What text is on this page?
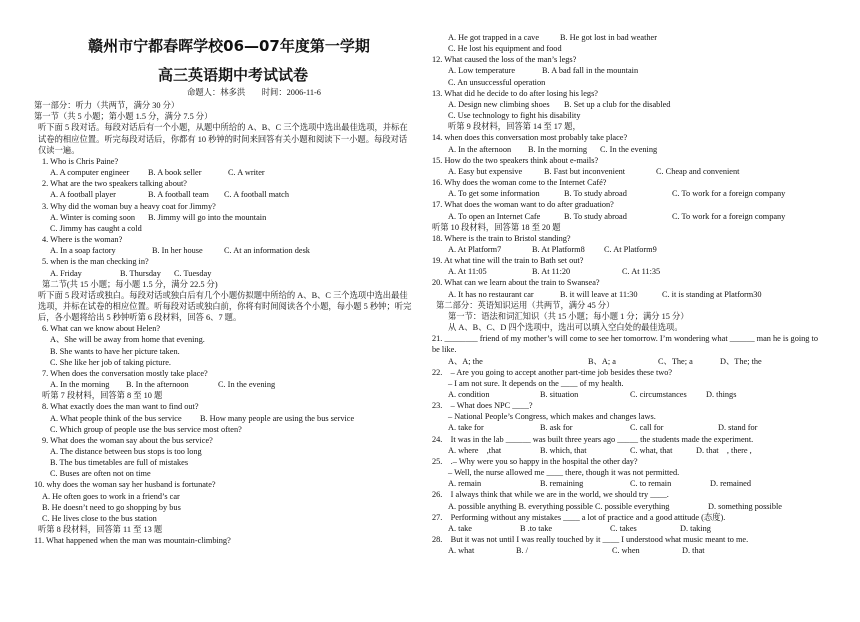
赣州市宁都春晖学校06—07年度第一学期
高三英语期中考试试卷
命题人：林多洪　　时间：2006-11-6
第一部分：听力（共两节，满分 30 分）
第一节（共 5 小题；第小题 1.5 分，满分 7.5 分）
听下面 5 段对话。每段对话后有一个小题，从题中所给的 A、B、C 三个选项中选出最佳选项，并标在试卷的相应位置。听完每段对话后，你都有 10 秒钟的时间来回答有关小题和阅读下一小题。每段对话仅读一遍。
1. Who is Chris Paine?
A. A computer engineer B. A book seller	C. A writer
2. What are the two speakers talking about?
A. A football player	B. A football team C. A football match
3. Why did the woman buy a heavy coat for Jimmy?
A. Winter is coming soon B. Jimmy will go into the mountain
C. Jimmy has caught a cold
4. Where is the woman?
A. In a soap factory	B. In her house	C. At an information desk
5. when is the man checking in?
A. Friday	B. Thursday C. Tuesday
第二节(共 15 小题；每小题 1.5 分，满分 22.5 分)
听下面 5 段对话或独白。每段对话或独白后有几个小题仿拟题中所给的 A、B、C 三个选项中选出最佳选项，并标在试卷的相应位置。听每段对话或独白前，你将有时间阅读各个小题，每小题 5 秒钟；听完后，各小题将给出 5 秒钟听第 6 段材料，回答 6、7 题。
6. What can we know about Helen?
A、She will be away from home that evening.
B. She wants to have her picture taken.
C. She like her job of taking picture.
7. When does the conversation mostly take place?
A. In the morning B. In the afternoon	C. In the evening
听第 7 段材料，回答第 8 至 10 题
8. What exactly does the man want to find out?
A. What people think of the bus service B. How many people are using the bus service
C. Which group of people use the bus service most often?
9. What does the woman say about the bus service?
A. The distance between bus stops is too long
B. The bus timetables are full of mistakes
C. Buses are often not on time
10. why does the woman say her husband is fortunate?
A. He often goes to work in a friend’s car
B. He doesn’t need to go shopping by bus
C. He lives close to the bus station
听第 8 段材料，回答第 11 至 13 题
11. What happened when the man was mountain-climbing?
A. He got trapped in a cave	B. He got lost in bad weather
C. He lost his equipment and food
12. What caused the loss of the man’s legs?
A. Low temperature	B. A bad fall in the mountain
C. An unsuccessful operation
13. What did he decide to do after losing his legs?
A. Design new climbing shoes B. Set up a club for the disabled
C. Use technology to fight his disability
听第 9 段材料，回答第 14 至 17 题，
14. when does this conversation most probably take place?
A. In the afternoon B. In the morning C. In the evening
15. How do the two speakers think about e-mails?
A. Easy but expensive	B. Fast but inconvenient	C. Cheap and convenient
16. Why does the woman come to the Internet Café?
A. To get some information	B. To study abroad	C. To work for a foreign company
17. What does the woman want to do after graduation?
A. To open an Internet Cafe	B. To study abroad	C. To work for a foreign company
听第 10 段材料，回答第 18 至 20 题
18. Where is the train to Bristol standing?
A. At Platform7	B. At Platform8 C. At Platform9
19. At what tine will the train to Bath set out?
A. At 11:05	B. At 11:20	C. At 11:35
20. What can we learn about the train to Swansea?
A. It has no restaurant car	B. it will leave at 11:30	C. it is standing at Platform30
第二部分：英语知识运用（共两节，满分 45 分）
第一节：语法和词汇知识（共 15 小题；每小题 1 分；满分 15 分）
从 A、B、C、D 四个选项中，选出可以填入空白处的最佳选项。
21. ________ friend of my mother’s will come to see her tomorrow. I’m wondering what ______ man he is going to be like.
A、A; the	B、A; a	C、The; a	D、The; the
22.　– Are you going to accept another part-time job besides these two?
– I am not sure. It depends on the ____ of my health.
A. condition	B. situation	C. circumstances D. things
23.　– What does NPC ____?
– National People’s Congress, which makes and changes laws.
A. take for	B. ask for	C. call for	D. stand for
24.　It was in the lab ______ was built three years ago _____ the students made the experiment.
A. where　,that	B. which, that	C. what, that	D. that　, there ,
25.　.– Why were you so happy in the hospital the other day?
– Well, the nurse allowed me ____ there, though it was not permitted.
A. remain	B. remaining	C. to remain	D. remained
26.　I always think that while we are in the world, we should try ____.
A. possible anything B. everything possible C. possible everything	D. something possible
27.　Performing without any mistakes ____ a lot of practice and a good attitude (态度).
A. take	B .to take	C. takes	D. taking
28.　But it was not until I was really touched by it ____ I understood what music meant to me.
A. what	B. /	C. when	D. that
